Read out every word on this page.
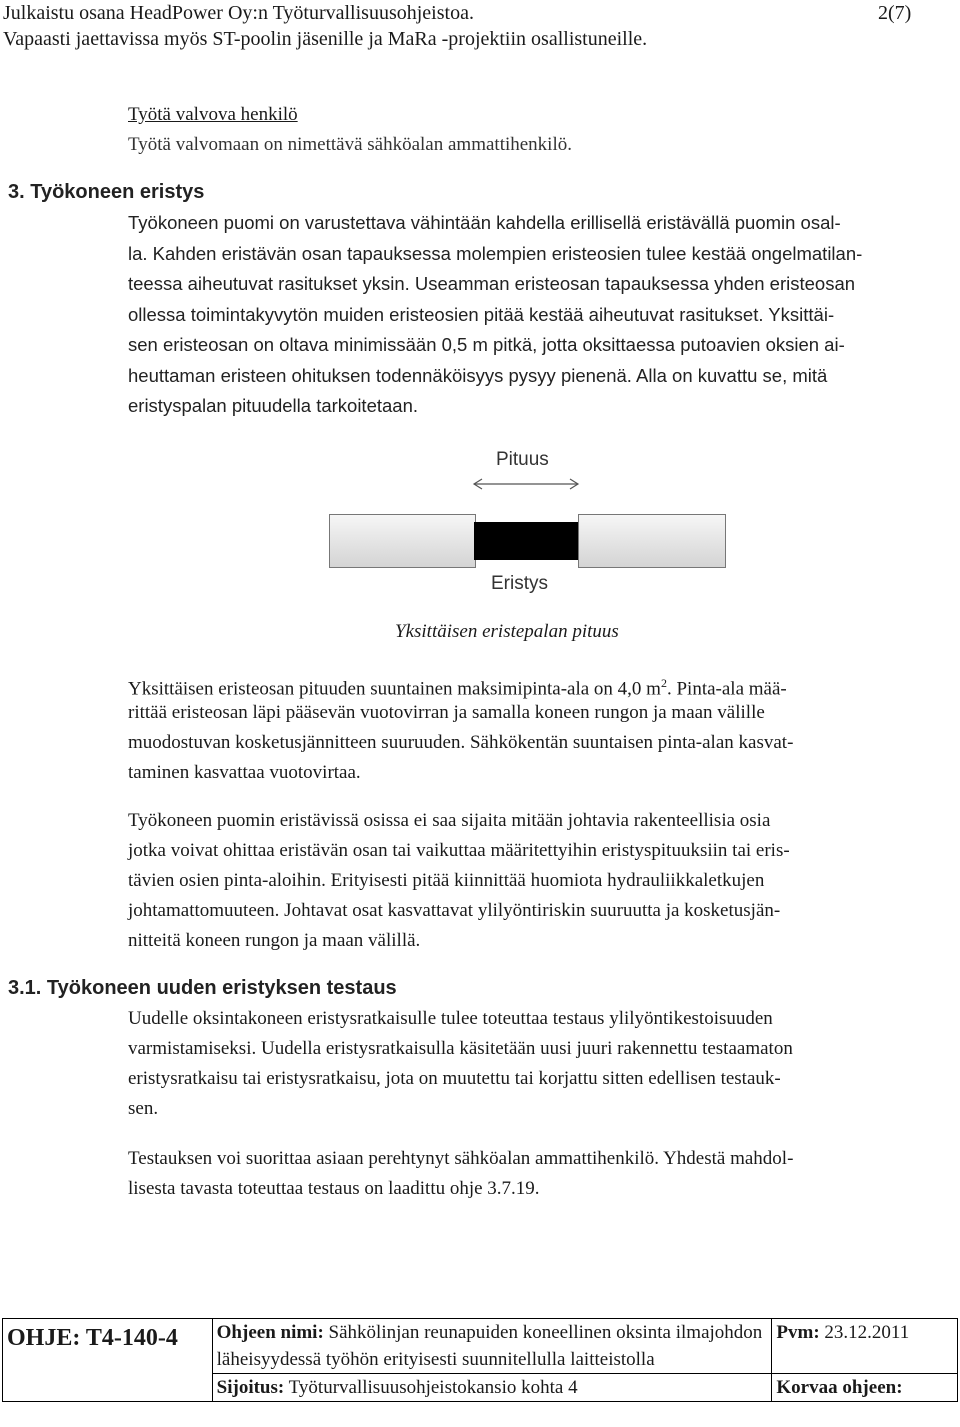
Julkaistu osana HeadPower Oy:n Työturvallisuusohjeistoa.	2(7)
Vapaasti jaettavissa myös ST-poolin jäsenille ja MaRa -projektiin osallistuneille.
Työtä valvova henkilö
Työtä valvomaan on nimettävä sähköalan ammattihenkilö.
3. Työkoneen eristys
Työkoneen puomi on varustettava vähintään kahdella erillisellä eristävällä puomin osal-
la. Kahden eristävän osan tapauksessa molempien eristeosien tulee kestää ongelmatilan-
teessa aiheutuvat rasitukset yksin. Useamman eristeosan tapauksessa yhden eristeosan
ollessa toimintakyvytön muiden eristeosien pitää kestää aiheutuvat rasitukset. Yksittäi-
sen eristeosan on oltava minimissään 0,5 m pitkä, jotta oksittaessa putoavien oksien ai-
heuttaman eristeen ohituksen todennäköisyys pysyy pienenä. Alla on kuvattu se, mitä
eristyspalan pituudella tarkoitetaan.
Pituus
Eristys
Yksittäisen eristepalan pituus
Yksittäisen eristeosan pituuden suuntainen maksimipinta-ala on 4,0 $m^2$. Pinta-ala mää-
rittää eristeosan läpi pääsevän vuotovirran ja samalla koneen rungon ja maan välille
muodostuvan kosketusjännitteen suuruuden. Sähkökentän suuntaisen pinta-alan kasvat-
taminen kasvattaa vuotovirtaa.
Työkoneen puomin eristävissä osissa ei saa sijaita mitään johtavia rakenteellisia osia
jotka voivat ohittaa eristävän osan tai vaikuttaa määritettyihin eristyspituuksiin tai eris-
tävien osien pinta-aloihin. Erityisesti pitää kiinnittää huomiota hydrauliikkaletkujen
johtamattomuuteen. Johtavat osat kasvattavat ylilyöntiriskin suuruutta ja kosketusjän-
nitteitä koneen rungon ja maan välillä.
3.1. Työkoneen uuden eristyksen testaus
Uudelle oksintakoneen eristysratkaisulle tulee toteuttaa testaus ylilyöntikestoisuuden
varmistamiseksi. Uudella eristysratkaisulla käsitetään uusi juuri rakennettu testaamaton
eristysratkaisu tai eristysratkaisu, jota on muutettu tai korjattu sitten edellisen testauk-
sen.
Testauksen voi suorittaa asiaan perehtynyt sähköalan ammattihenkilö. Yhdestä mahdol-
lisesta tavasta toteuttaa testaus on laadittu ohje 3.7.19.
OHJE: T4-140-4	Ohjeen nimi: Sähkölinjan reunapuiden koneellinen oksinta ilmajohdon läheisyydessä työhön erityisesti suunnitellulla laitteistolla	Pvm: 23.12.2011
	Sijoitus: Työturvallisuusohjeistokansio kohta 4	Korvaa ohjeen:
